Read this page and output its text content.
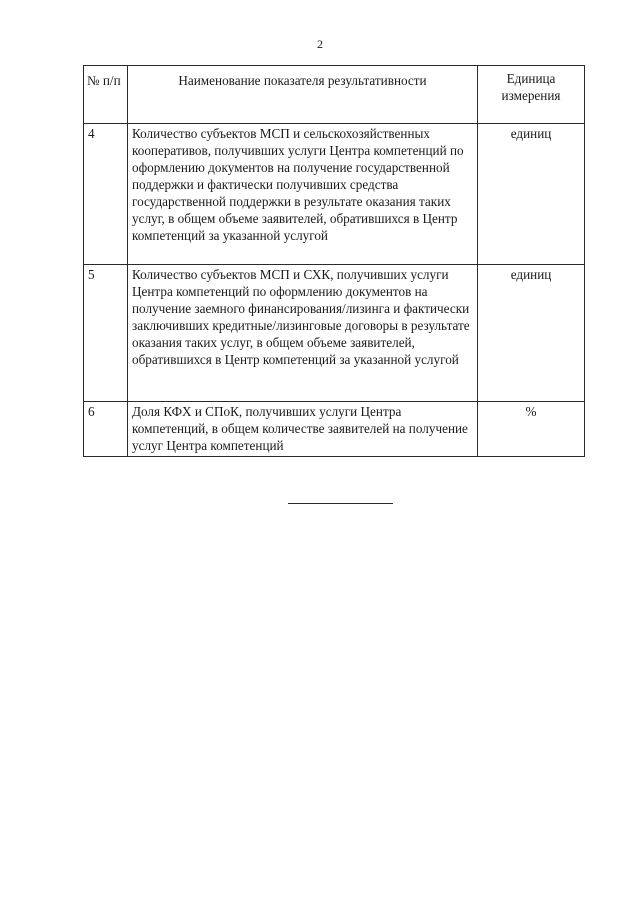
2
№ п/п	Наименование показателя результативности	Единица измерения
4	Количество субъектов МСП и сельскохозяйственных кооперативов, получивших услуги Центра компетенций по оформлению документов на получение государственной поддержки и фактически получивших средства государственной поддержки в результате оказания таких услуг, в общем объеме заявителей, обратившихся в Центр компетенций за указанной услугой	единиц
5	Количество субъектов МСП и СХК, получивших услуги Центра компетенций по оформлению документов на получение заемного финансирования/лизинга и фактически заключивших кредитные/лизинговые договоры в результате оказания таких услуг, в общем объеме заявителей, обратившихся в Центр компетенций за указанной услугой	единиц
6	Доля КФХ и СПоК, получивших услуги Центра компетенций, в общем количестве заявителей на получение услуг Центра компетенций	%
